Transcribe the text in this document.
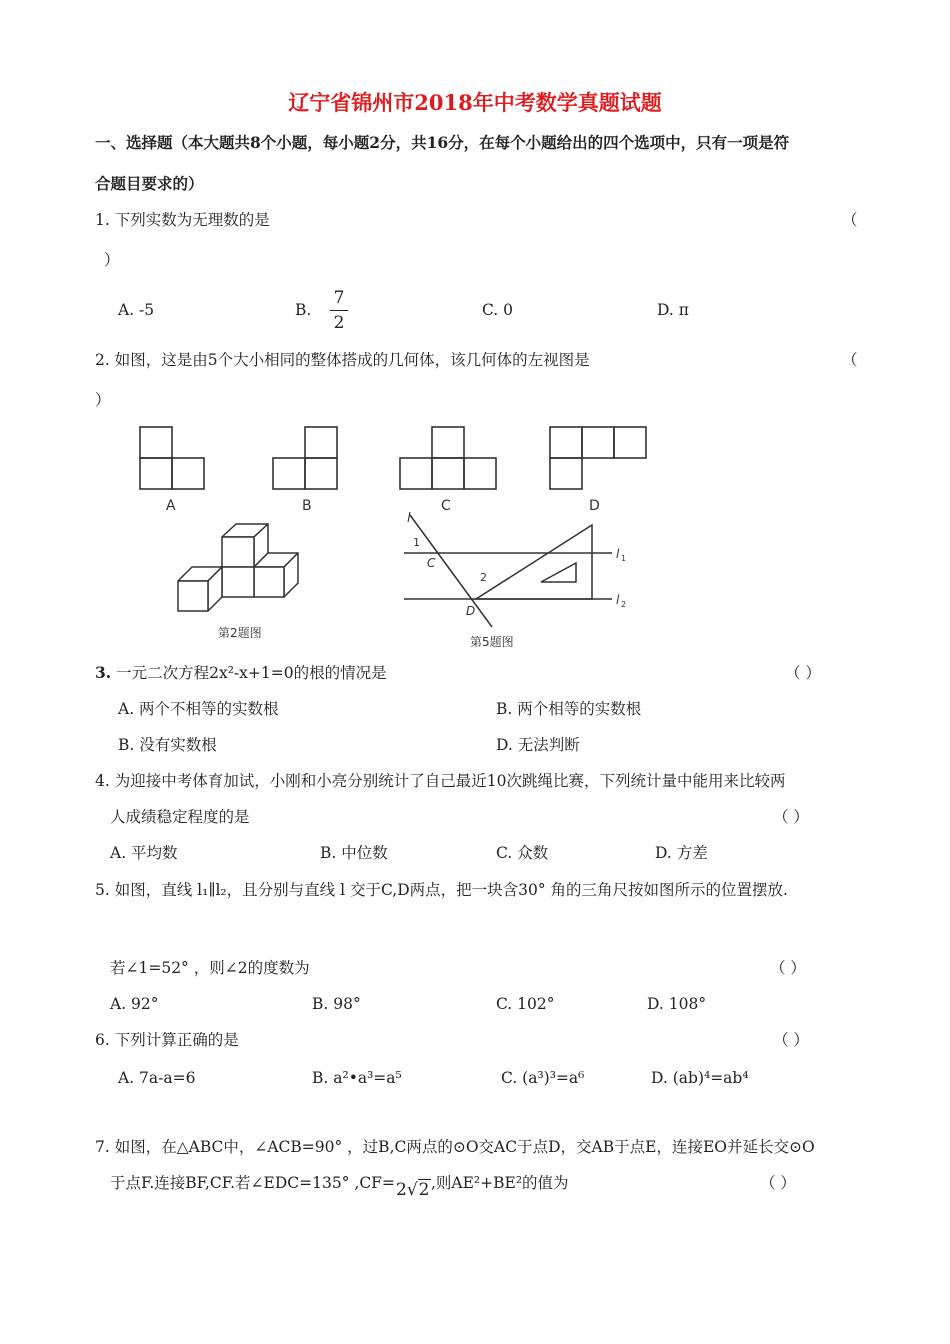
辽宁省锦州市2018年中考数学真题试题
一、选择题（本大题共8个小题，每小题2分，共16分，在每个小题给出的四个选项中，只有一项是符
合题目要求的）
1. 下列实数为无理数的是	（
）
A. -5	B.
7
2
C. 0	D. π
2. 如图，这是由5个大小相同的整体搭成的几何体，该几何体的左视图是	（
）
A	B	C	D
第2题图
l
1
C
2
D
l 1
l 2
第5题图
3. 一元二次方程2x²-x+1=0的根的情况是	（ ）
A. 两个不相等的实数根	B. 两个相等的实数根
B. 没有实数根	D. 无法判断
4. 为迎接中考体育加试，小刚和小亮分别统计了自己最近10次跳绳比赛，下列统计量中能用来比较两
人成绩稳定程度的是	（ ）
A. 平均数	B. 中位数	C. 众数	D. 方差
5. 如图，直线 l₁∥l₂，且分别与直线 l 交于C,D两点，把一块含30° 角的三角尺按如图所示的位置摆放.
若∠1=52° ，则∠2的度数为	（ ）
A. 92°	B. 98°	C. 102°	D. 108°
6. 下列计算正确的是	（ ）
A. 7a-a=6	B. a²•a³=a⁵	C. (a³)³=a⁶	D. (ab)⁴=ab⁴
7. 如图，在△ABC中，∠ACB=90° ，过B,C两点的⊙O交AC于点D，交AB于点E，连接EO并延长交⊙O
于点F.连接BF,CF.若∠EDC=135° ,CF= 2√2 ,则AE²+BE²的值为	（ ）
